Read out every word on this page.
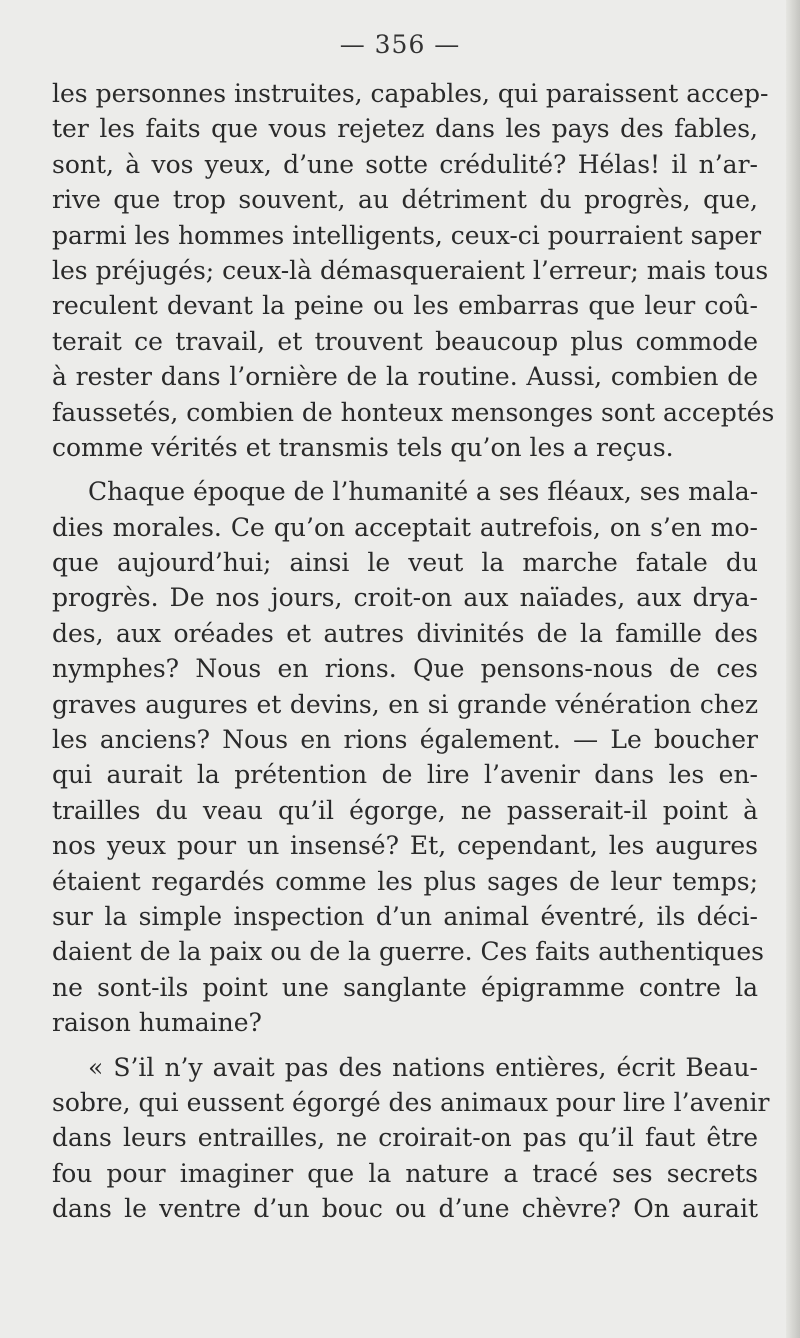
— 356 —
les personnes instruites, capables, qui paraissent accep-
ter les faits que vous rejetez dans les pays des fables,
sont, à vos yeux, d’une sotte crédulité? Hélas! il n’ar-
rive que trop souvent, au détriment du progrès, que,
parmi les hommes intelligents, ceux-ci pourraient saper
les préjugés; ceux-là démasqueraient l’erreur; mais tous
reculent devant la peine ou les embarras que leur coû-
terait ce travail, et trouvent beaucoup plus commode
à rester dans l’ornière de la routine. Aussi, combien de
faussetés, combien de honteux mensonges sont acceptés
comme vérités et transmis tels qu’on les a reçus.
Chaque époque de l’humanité a ses fléaux, ses mala-
dies morales. Ce qu’on acceptait autrefois, on s’en mo-
que aujourd’hui; ainsi le veut la marche fatale du
progrès. De nos jours, croit-on aux naïades, aux drya-
des, aux oréades et autres divinités de la famille des
nymphes? Nous en rions. Que pensons-nous de ces
graves augures et devins, en si grande vénération chez
les anciens? Nous en rions également. — Le boucher
qui aurait la prétention de lire l’avenir dans les en-
trailles du veau qu’il égorge, ne passerait-il point à
nos yeux pour un insensé? Et, cependant, les augures
étaient regardés comme les plus sages de leur temps;
sur la simple inspection d’un animal éventré, ils déci-
daient de la paix ou de la guerre. Ces faits authentiques
ne sont-ils point une sanglante épigramme contre la
raison humaine?
« S’il n’y avait pas des nations entières, écrit Beau-
sobre, qui eussent égorgé des animaux pour lire l’avenir
dans leurs entrailles, ne croirait-on pas qu’il faut être
fou pour imaginer que la nature a tracé ses secrets
dans le ventre d’un bouc ou d’une chèvre? On aurait
